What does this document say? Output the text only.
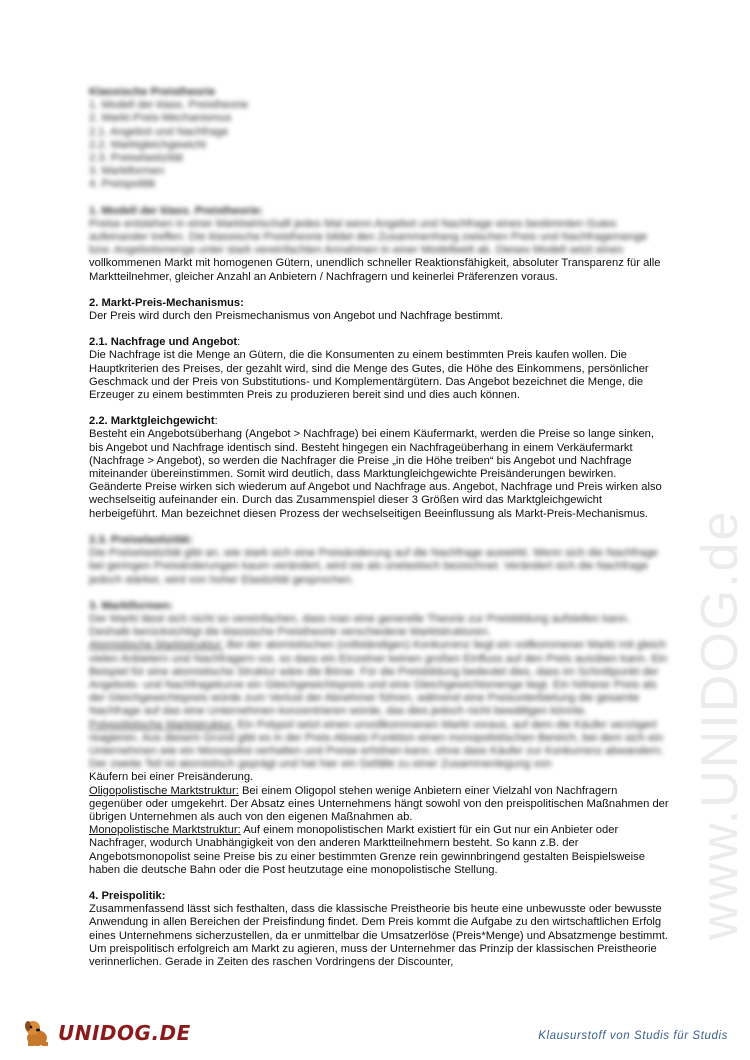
www.UNIDOG.de

Klassische Preistheorie

1. Modell der klass. Preistheorie
2. Markt-Preis-Mechanismus
2.1. Angebot und Nachfrage
2.2. Marktgleichgewicht
2.3. Preiselastizität
3. Marktformen
4. Preispolitik

1. Modell der klass. Preistheorie:

Preise entstehen in einer Marktwirtschaft jedes Mal wenn Angebot und Nachfrage eines bestimmten Gutes aufeinander treffen. Die klassische Preistheorie bildet den Zusammenhang zwischen Preis und Nachfragemenge bzw. Angebotsmenge unter stark vereinfachten Annahmen in einer Modellwelt ab. Dieses Modell setzt einen

vollkommenen Markt mit homogenen Gütern, unendlich schneller Reaktionsfähigkeit, absoluter Transparenz für alle Marktteilnehmer, gleicher Anzahl an Anbietern / Nachfragern und keinerlei Präferenzen voraus.

2. Markt-Preis-Mechanismus:

Der Preis wird durch den Preismechanismus von Angebot und Nachfrage bestimmt.

2.1. Nachfrage und Angebot:

Die Nachfrage ist die Menge an Gütern, die die Konsumenten zu einem bestimmten Preis kaufen wollen. Die Hauptkriterien des Preises, der gezahlt wird, sind die Menge des Gutes, die Höhe des Einkommens, persönlicher Geschmack und der Preis von Substitutions- und Komplementärgütern. Das Angebot bezeichnet die Menge, die Erzeuger zu einem bestimmten Preis zu produzieren bereit sind und dies auch können.

2.2. Marktgleichgewicht:

Besteht ein Angebotsüberhang (Angebot > Nachfrage) bei einem Käufermarkt, werden die Preise so lange sinken, bis Angebot und Nachfrage identisch sind. Besteht hingegen ein Nachfrageüberhang in einem Verkäufermarkt (Nachfrage > Angebot), so werden die Nachfrager die Preise „in die Höhe treiben“ bis Angebot und Nachfrage miteinander übereinstimmen. Somit wird deutlich, dass Marktungleichgewichte Preisänderungen bewirken. Geänderte Preise wirken sich wiederum auf Angebot und Nachfrage aus. Angebot, Nachfrage und Preis wirken also wechselseitig aufeinander ein. Durch das Zusammenspiel dieser 3 Größen wird das Marktgleichgewicht herbeigeführt. Man bezeichnet diesen Prozess der wechselseitigen Beeinflussung als Markt-Preis-Mechanismus.

2.3. Preiselastizität:

Die Preiselastizität gibt an, wie stark sich eine Preisänderung auf die Nachfrage auswirkt. Wenn sich die Nachfrage bei geringen Preisänderungen kaum verändert, wird sie als unelastisch bezeichnet. Verändert sich die Nachfrage jedoch stärker, wird von hoher Elastizität gesprochen.

3. Marktformen:

Der Markt lässt sich nicht so vereinfachen, dass man eine generelle Theorie zur Preisbildung aufstellen kann. Deshalb berücksichtigt die klassische Preistheorie verschiedene Marktstrukturen.

Atomistische Marktstruktur: Bei der atomistischen (vollständigen) Konkurrenz liegt ein vollkommener Markt mit gleich vielen Anbietern und Nachfragern vor, so dass ein Einzelner keinen großen Einfluss auf den Preis ausüben kann. Ein Beispiel für eine atomistische Struktur wäre die Börse. Für die Preisbildung bedeutet dies, dass im Schnittpunkt der Angebots- und Nachfragekurve ein Gleichgewichtspreis und eine Gleichgewichtsmenge liegt. Ein höherer Preis als der Gleichgewichtspreis würde zum Verlust der Abnehmer führen, während eine Preisunterbietung die gesamte Nachfrage auf das eine Unternehmen konzentrieren würde, das dies jedoch nicht bewältigen könnte.

Polypolistische Marktstruktur: Ein Polypol setzt einen unvollkommenen Markt voraus, auf dem die Käufer verzögert reagieren. Aus diesem Grund gibt es in der Preis-Absatz-Funktion einen monopolistischen Bereich, bei dem sich ein Unternehmen wie ein Monopolist verhalten und Preise erhöhen kann, ohne dass Käufer zur Konkurrenz abwandern. Der zweite Teil ist atomistisch geprägt und hat hier ein Gefälle zu einer Zusammenlegung von

Käufern bei einer Preisänderung.

Oligopolistische Marktstruktur: Bei einem Oligopol stehen wenige Anbietern einer Vielzahl von Nachfragern gegenüber oder umgekehrt. Der Absatz eines Unternehmens hängt sowohl von den preispolitischen Maßnahmen der übrigen Unternehmen als auch von den eigenen Maßnahmen ab.

Monopolistische Marktstruktur: Auf einem monopolistischen Markt existiert für ein Gut nur ein Anbieter oder Nachfrager, wodurch Unabhängigkeit von den anderen Marktteilnehmern besteht. So kann z.B. der Angebotsmonopolist seine Preise bis zu einer bestimmten Grenze rein gewinnbringend gestalten Beispielsweise haben die deutsche Bahn oder die Post heutzutage eine monopolistische Stellung.

4. Preispolitik:

Zusammenfassend lässt sich festhalten, dass die klassische Preistheorie bis heute eine unbewusste oder bewusste Anwendung in allen Bereichen der Preisfindung findet. Dem Preis kommt die Aufgabe zu den wirtschaftlichen Erfolg eines Unternehmens sicherzustellen, da er unmittelbar die Umsatzerlöse (Preis*Menge) und Absatzmenge bestimmt. Um preispolitisch erfolgreich am Markt zu agieren, muss der Unternehmer das Prinzip der klassischen Preistheorie verinnerlichen. Gerade in Zeiten des raschen Vordringens der Discounter,

UNIDOG.DE	Klausurstoff von Studis für Studis
